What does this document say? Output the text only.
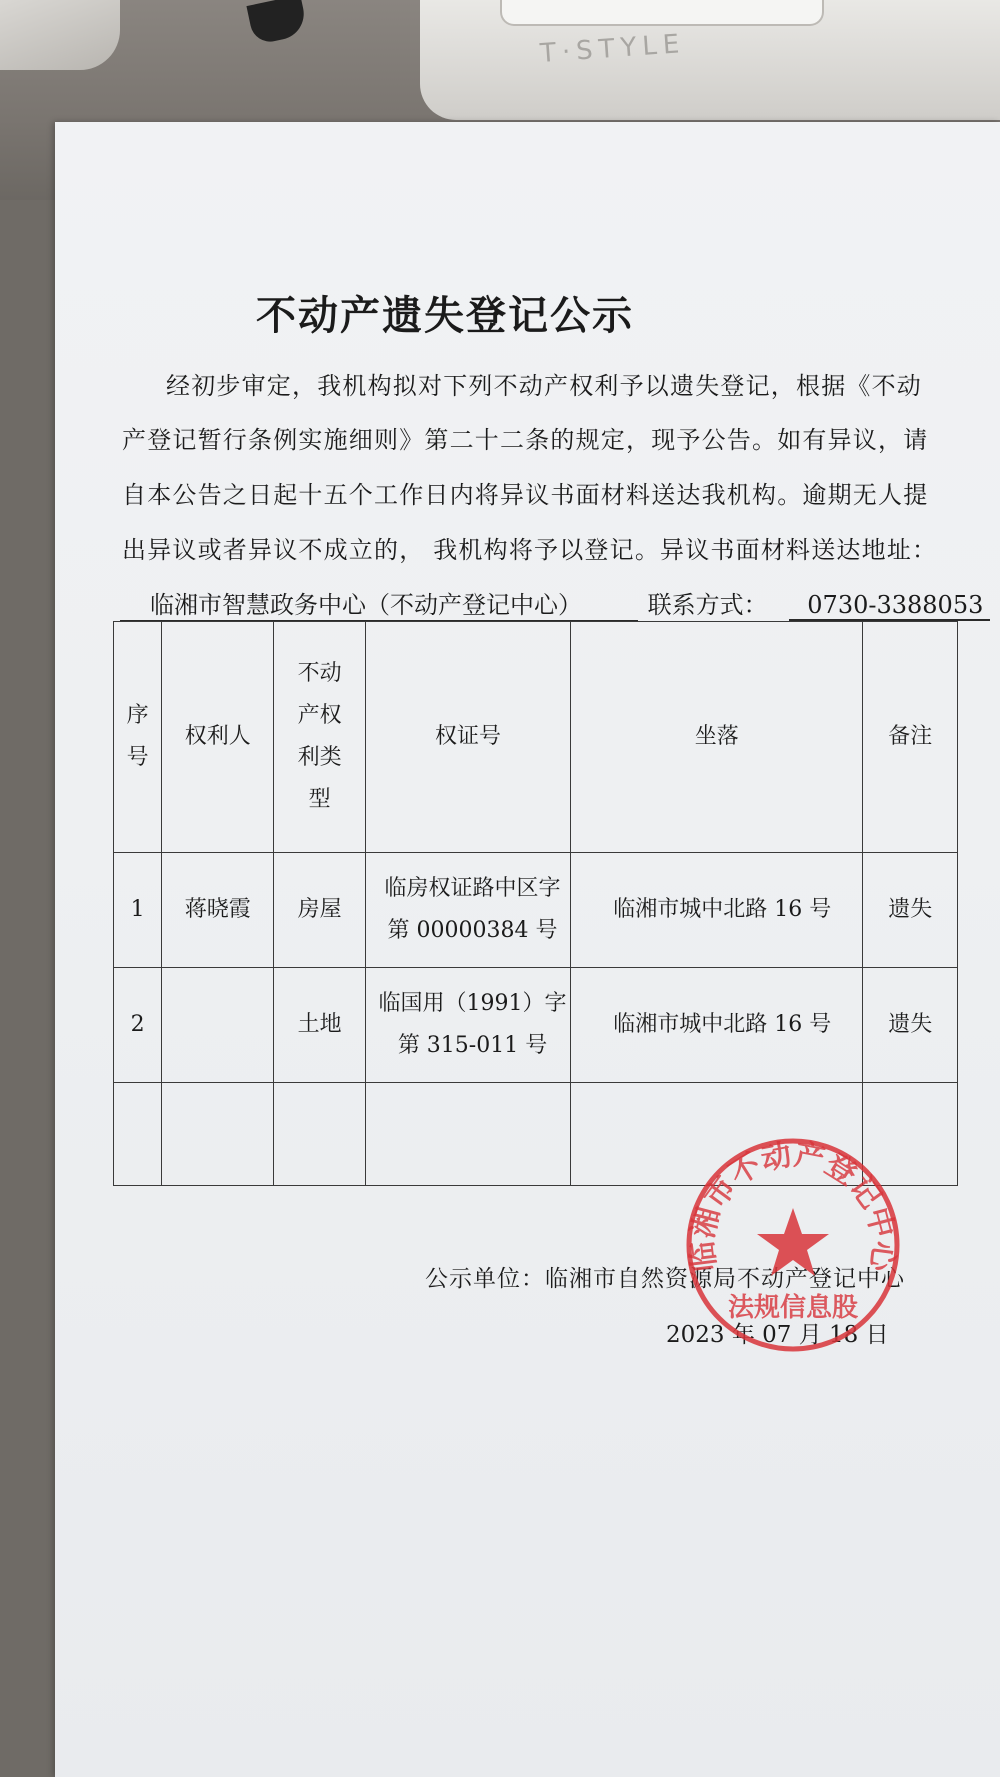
T·STYLE
不动产遗失登记公示
经初步审定，我机构拟对下列不动产权利予以遗失登记，根据《不动
产登记暂行条例实施细则》第二十二条的规定，现予公告。如有异议，请
自本公告之日起十五个工作日内将异议书面材料送达我机构。逾期无人提
出异议或者异议不成立的， 我机构将予以登记。异议书面材料送达地址：
临湘市智慧政务中心（不动产登记中心）	联系方式： 0730-3388053
序号	权利人	不动产权利类型	权证号	坐落	备注
1	蒋晓霞	房屋	临房权证路中区字第 00000384 号	临湘市城中北路 16 号	遗失
2		土地	临国用（1991）字第 315-011 号	临湘市城中北路 16 号	遗失

公示单位：临湘市自然资源局不动产登记中心
2023 年 07 月 18 日
临湘市不动产登记中心
法规信息股
